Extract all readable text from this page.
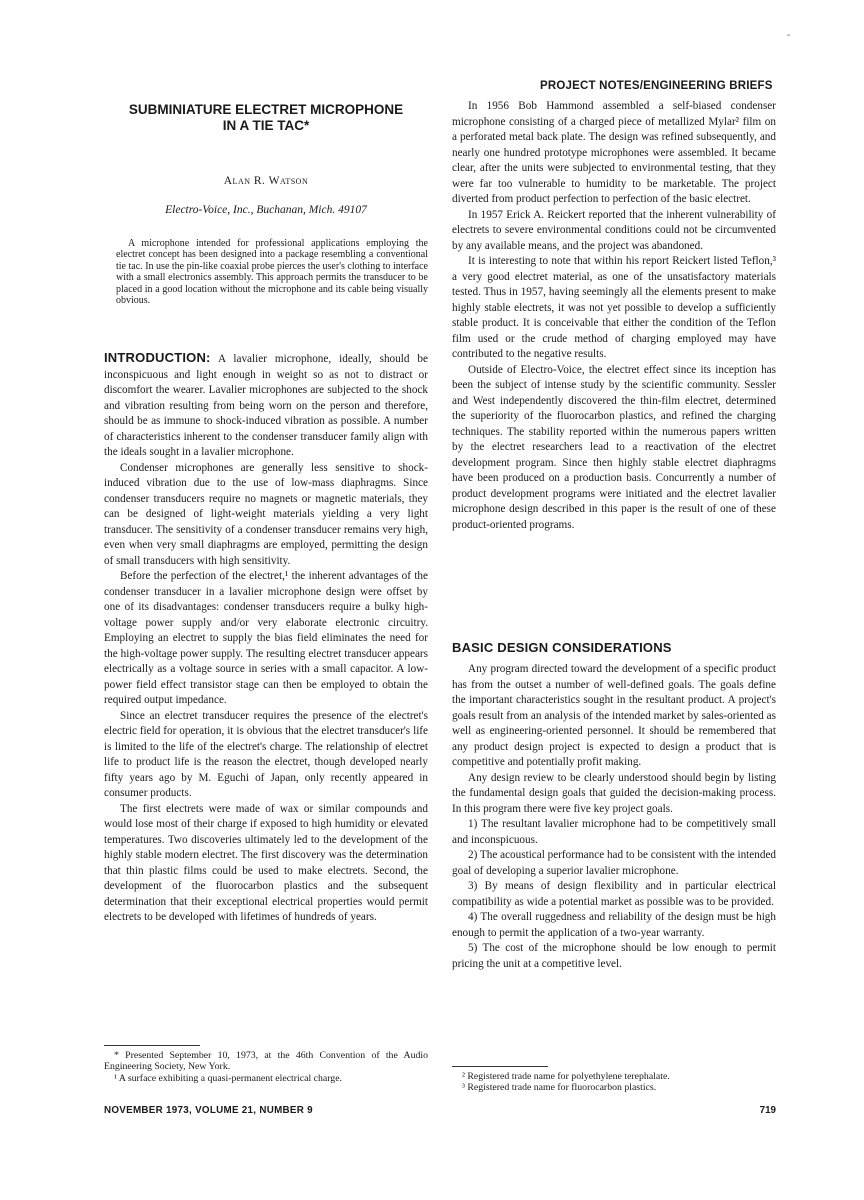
-
PROJECT NOTES/ENGINEERING BRIEFS
SUBMINIATURE ELECTRET MICROPHONE
IN A TIE TAC*
Alan R. Watson
Electro-Voice, Inc., Buchanan, Mich. 49107
A microphone intended for professional applications employing the electret concept has been designed into a package resembling a conventional tie tac. In use the pin-like coaxial probe pierces the user's clothing to interface with a small electronics assembly. This approach permits the transducer to be placed in a good location without the microphone and its cable being visually obvious.

INTRODUCTION: A lavalier microphone, ideally, should be inconspicuous and light enough in weight so as not to distract or discomfort the wearer. Lavalier microphones are subjected to the shock and vibration resulting from being worn on the person and therefore, should be as immune to shock-induced vibration as possible. A number of characteristics inherent to the condenser transducer family align with the ideals sought in a lavalier microphone.

Condenser microphones are generally less sensitive to shock-induced vibration due to the use of low-mass diaphragms. Since condenser transducers require no magnets or magnetic materials, they can be designed of light-weight materials yielding a very light transducer. The sensitivity of a condenser transducer remains very high, even when very small diaphragms are employed, permitting the design of small transducers with high sensitivity.

Before the perfection of the electret,¹ the inherent advantages of the condenser transducer in a lavalier microphone design were offset by one of its disadvantages: condenser transducers require a bulky high-voltage power supply and/or very elaborate electronic circuitry. Employing an electret to supply the bias field eliminates the need for the high-voltage power supply. The resulting electret transducer appears electrically as a voltage source in series with a small capacitor. A low-power field effect transistor stage can then be employed to obtain the required output impedance.

Since an electret transducer requires the presence of the electret's electric field for operation, it is obvious that the electret transducer's life is limited to the life of the electret's charge. The relationship of electret life to product life is the reason the electret, though developed nearly fifty years ago by M. Eguchi of Japan, only recently appeared in consumer products.

The first electrets were made of wax or similar compounds and would lose most of their charge if exposed to high humidity or elevated temperatures. Two discoveries ultimately led to the development of the highly stable modern electret. The first discovery was the determination that thin plastic films could be used to make electrets. Second, the development of the fluorocarbon plastics and the subsequent determination that their exceptional electrical properties would permit electrets to be developed with lifetimes of hundreds of years.

* Presented September 10, 1973, at the 46th Convention of the Audio Engineering Society, New York.

¹ A surface exhibiting a quasi-permanent electrical charge.

In 1956 Bob Hammond assembled a self-biased condenser microphone consisting of a charged piece of metallized Mylar² film on a perforated metal back plate. The design was refined subsequently, and nearly one hundred prototype microphones were assembled. It became clear, after the units were subjected to environmental testing, that they were far too vulnerable to humidity to be marketable. The project diverted from product perfection to perfection of the basic electret.

In 1957 Erick A. Reickert reported that the inherent vulnerability of electrets to severe environmental conditions could not be circumvented by any available means, and the project was abandoned.

It is interesting to note that within his report Reickert listed Teflon,³ a very good electret material, as one of the unsatisfactory materials tested. Thus in 1957, having seemingly all the elements present to make highly stable electrets, it was not yet possible to develop a sufficiently stable product. It is conceivable that either the condition of the Teflon film used or the crude method of charging employed may have contributed to the negative results.

Outside of Electro-Voice, the electret effect since its inception has been the subject of intense study by the scientific community. Sessler and West independently discovered the thin-film electret, determined the superiority of the fluorocarbon plastics, and refined the charging techniques. The stability reported within the numerous papers written by the electret researchers lead to a reactivation of the electret development program. Since then highly stable electret diaphragms have been produced on a production basis. Concurrently a number of product development programs were initiated and the electret lavalier microphone design described in this paper is the result of one of these product-oriented programs.

BASIC DESIGN CONSIDERATIONS

Any program directed toward the development of a specific product has from the outset a number of well-defined goals. The goals define the important characteristics sought in the resultant product. A project's goals result from an analysis of the intended market by sales-oriented as well as engineering-oriented personnel. It should be remembered that any product design project is expected to design a product that is competitive and potentially profit making.

Any design review to be clearly understood should begin by listing the fundamental design goals that guided the decision-making process. In this program there were five key project goals.

1) The resultant lavalier microphone had to be competitively small and inconspicuous.

2) The acoustical performance had to be consistent with the intended goal of developing a superior lavalier microphone.

3) By means of design flexibility and in particular electrical compatibility as wide a potential market as possible was to be provided.

4) The overall ruggedness and reliability of the design must be high enough to permit the application of a two-year warranty.

5) The cost of the microphone should be low enough to permit pricing the unit at a competitive level.

² Registered trade name for polyethylene terephalate.

³ Registered trade name for fluorocarbon plastics.

NOVEMBER 1973, VOLUME 21, NUMBER 9	719
